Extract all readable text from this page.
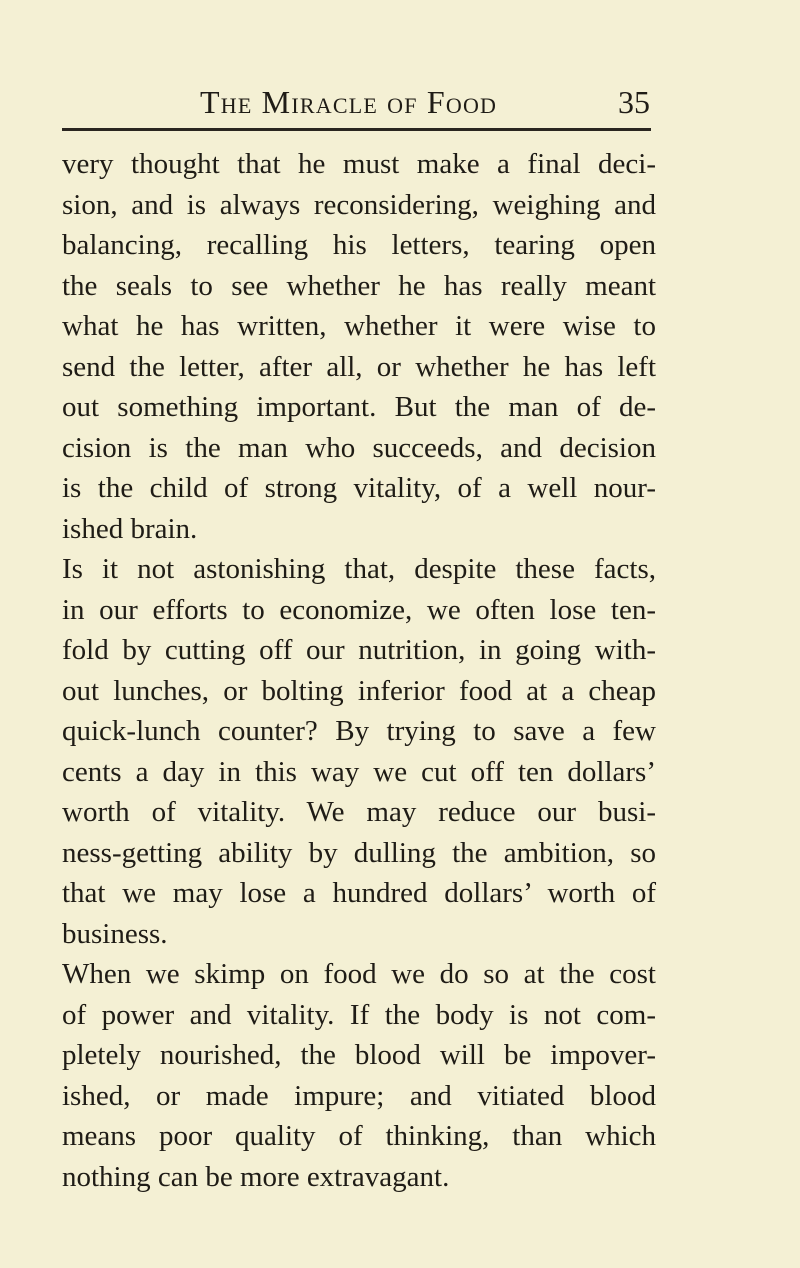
The Miracle of Food	35
very thought that he must make a final deci-
sion, and is always reconsidering, weighing and
balancing, recalling his letters, tearing open
the seals to see whether he has really meant
what he has written, whether it were wise to
send the letter, after all, or whether he has left
out something important. But the man of de-
cision is the man who succeeds, and decision
is the child of strong vitality, of a well nour-
ished brain.
Is it not astonishing that, despite these facts,
in our efforts to economize, we often lose ten-
fold by cutting off our nutrition, in going with-
out lunches, or bolting inferior food at a cheap
quick-lunch counter? By trying to save a few
cents a day in this way we cut off ten dollars’
worth of vitality. We may reduce our busi-
ness-getting ability by dulling the ambition, so
that we may lose a hundred dollars’ worth of
business.
When we skimp on food we do so at the cost
of power and vitality. If the body is not com-
pletely nourished, the blood will be impover-
ished, or made impure; and vitiated blood
means poor quality of thinking, than which
nothing can be more extravagant.
